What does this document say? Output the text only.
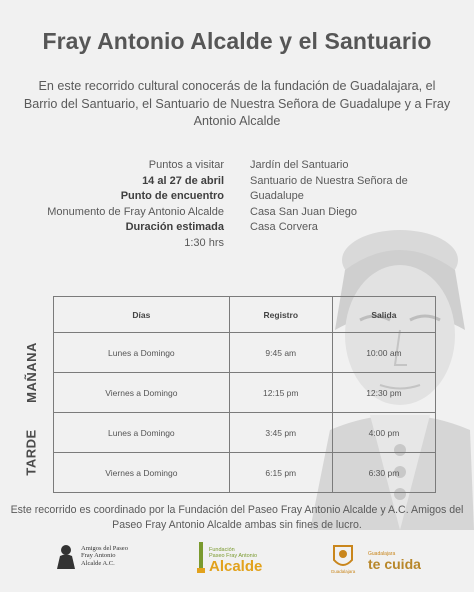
Fray Antonio Alcalde y el Santuario
En este recorrido cultural conocerás de la fundación de Guadalajara, el Barrio del Santuario, el Santuario de Nuestra Señora de Guadalupe y a Fray Antonio Alcalde
Puntos a visitar
14 al 27 de abril
Punto de encuentro
Monumento de Fray Antonio Alcalde
Duración estimada
1:30 hrs
Jardín del Santuario
Santuario de Nuestra Señora de Guadalupe
Casa San Juan Diego
Casa Corvera
Días	Registro	Salida
Lunes a Domingo	9:45 am	10:00 am
Viernes a Domingo	12:15 pm	12:30 pm
Lunes a Domingo	3:45 pm	4:00 pm
Viernes a Domingo	6:15 pm	6:30 pm
MAÑANA
TARDE
Este recorrido es coordinado por la Fundación del Paseo Fray Antonio Alcalde y A.C. Amigos del Paseo Fray Antonio Alcalde ambas sin fines de lucro.
Amigos del Paseo
Fray Antonio
Alcalde A.C.
Fundación
Paseo Fray Antonio
Alcalde	Guadalajara
Guadalajara
te cuida
